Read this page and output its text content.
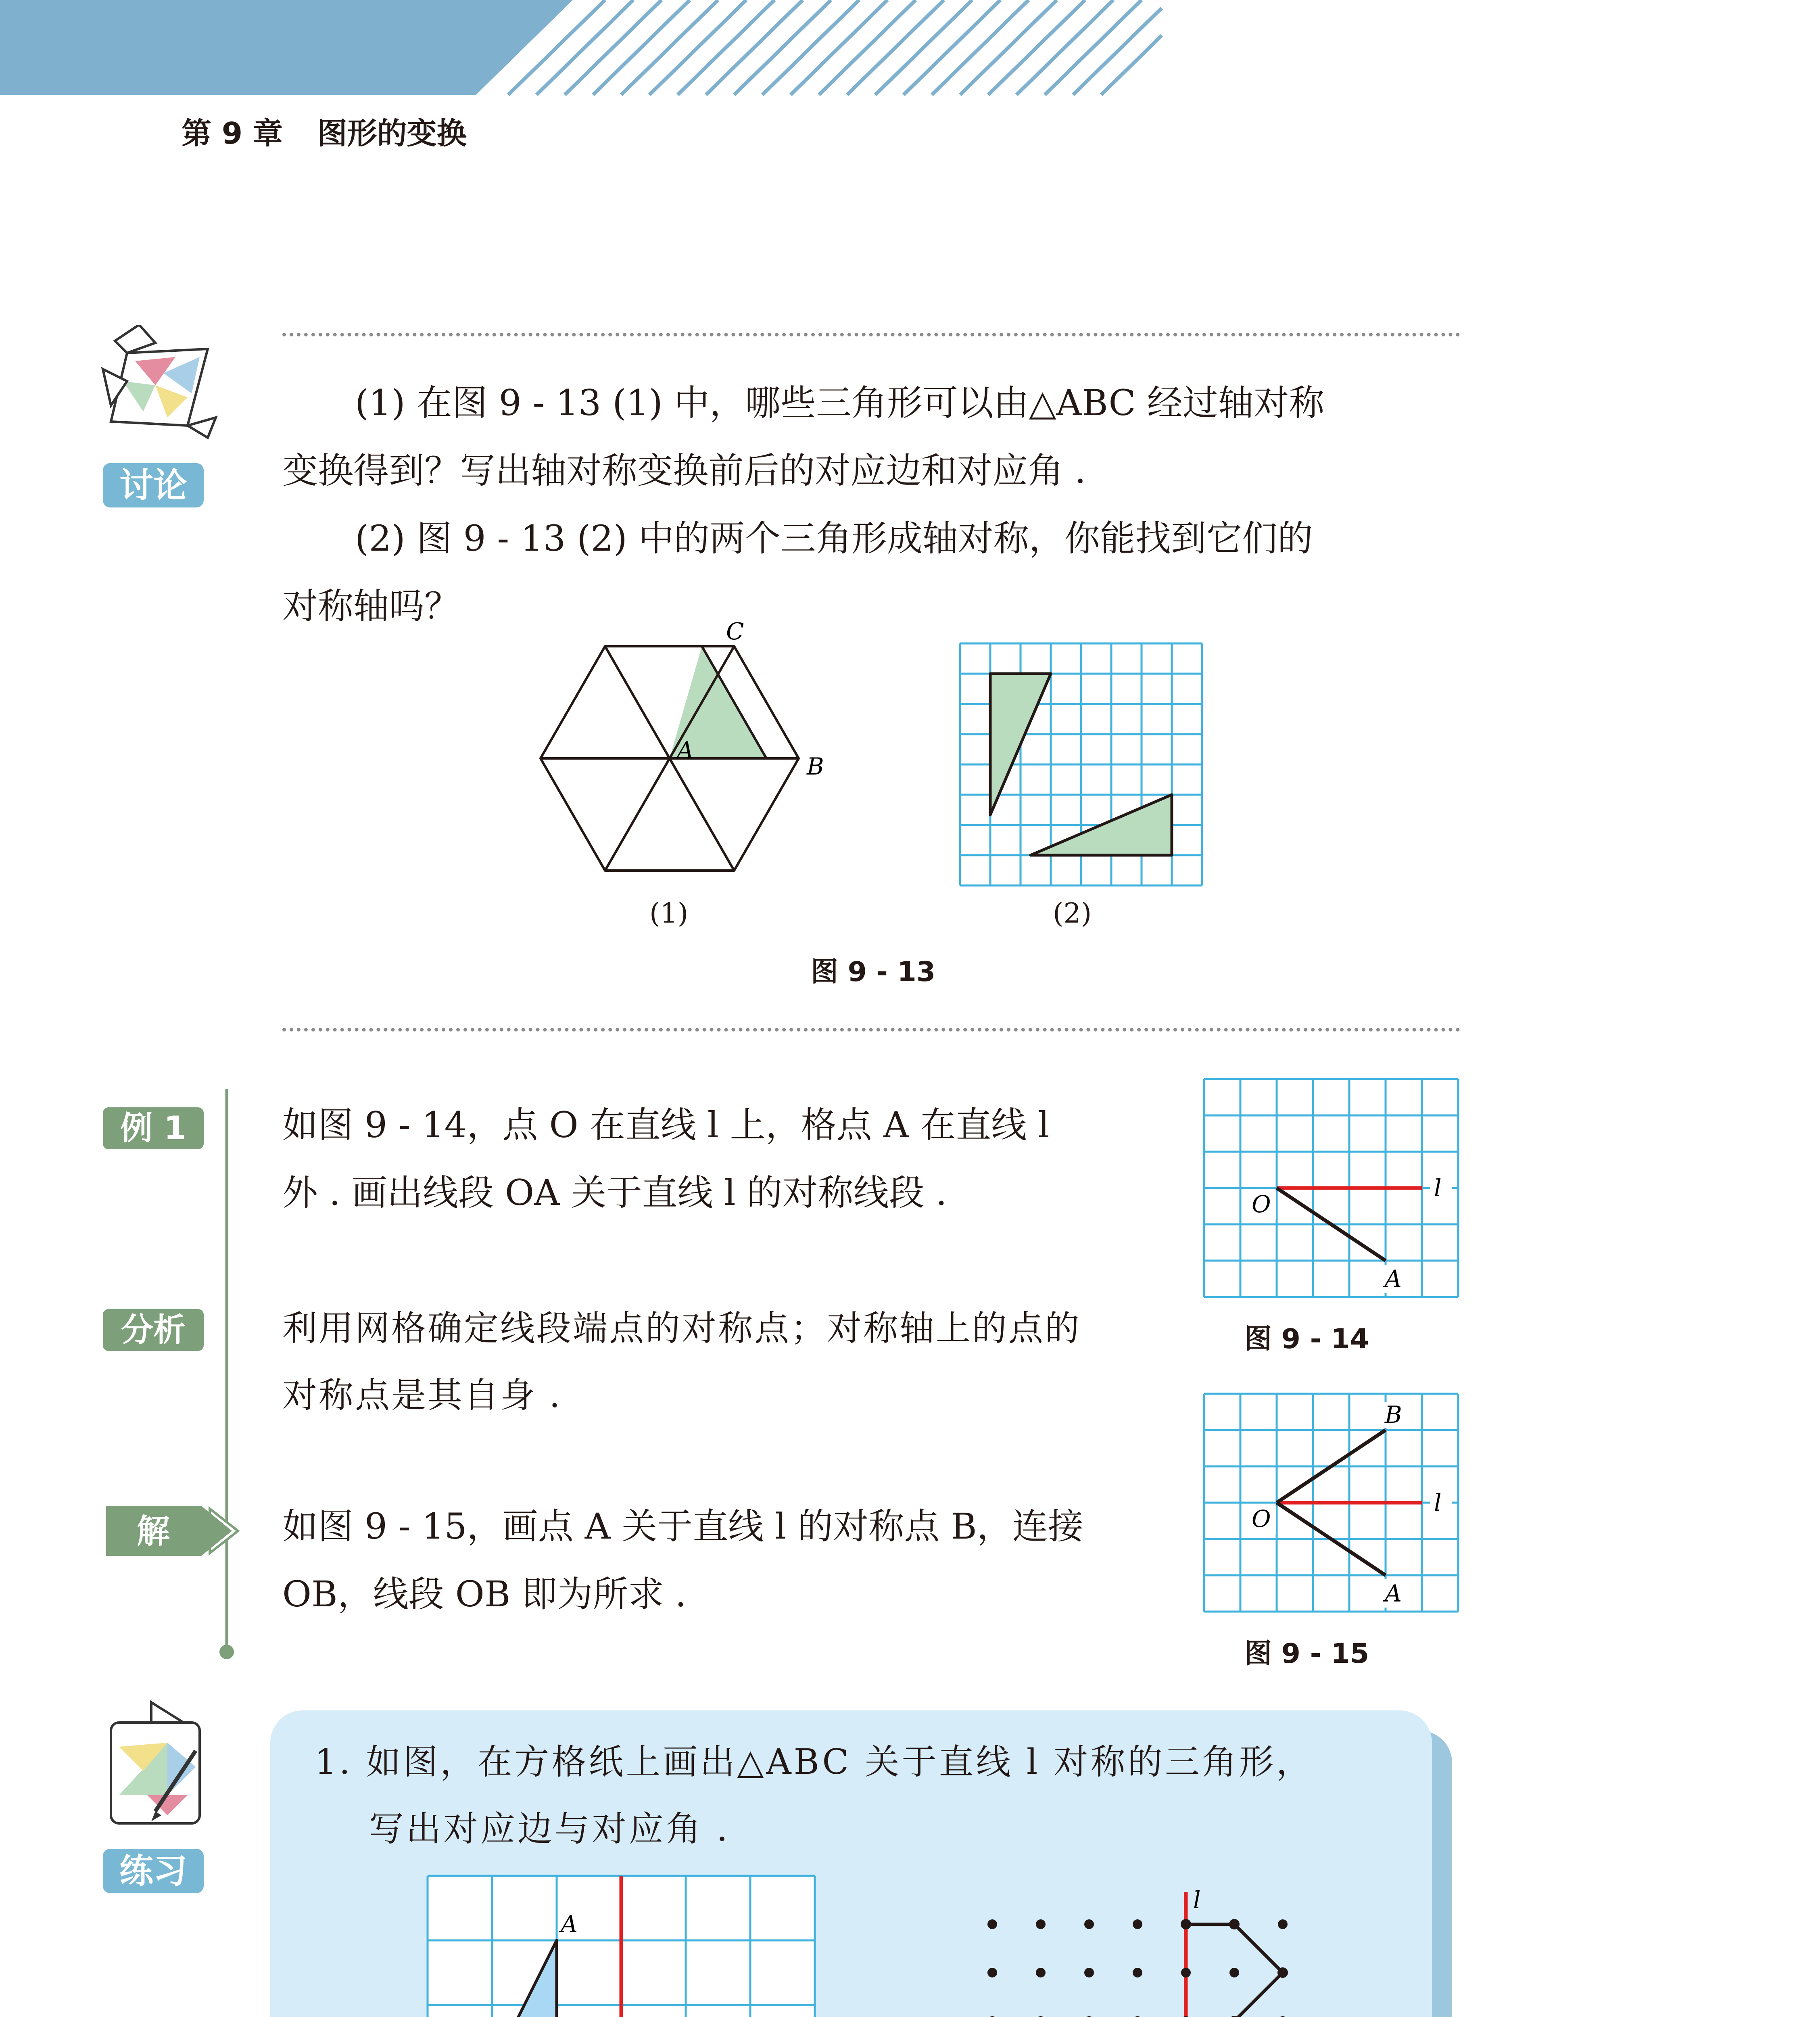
第 9 章 图形的变换
讨论
(1) 在图 9 - 13 (1) 中，哪些三角形可以由△ABC 经过轴对称
变换得到？写出轴对称变换前后的对应边和对应角 .
(2) 图 9 - 13 (2) 中的两个三角形成轴对称，你能找到它们的
对称轴吗？
C
A
B
(1)	(2)
图 9 - 13
例 1
分析
解
如图 9 - 14，点 O 在直线 l 上，格点 A 在直线 l
外 . 画出线段 OA 关于直线 l 的对称线段 .
利用网格确定线段端点的对称点；对称轴上的点的
对称点是其自身 .
如图 9 - 15，画点 A 关于直线 l 的对称点 B，连接
OB，线段 OB 即为所求 .
O
l
A
图 9 - 14
O
l
A
B
图 9 - 15
练习
1. 如图，在方格纸上画出△ABC 关于直线 l 对称的三角形，
写出对应边与对应角 .
A
l
